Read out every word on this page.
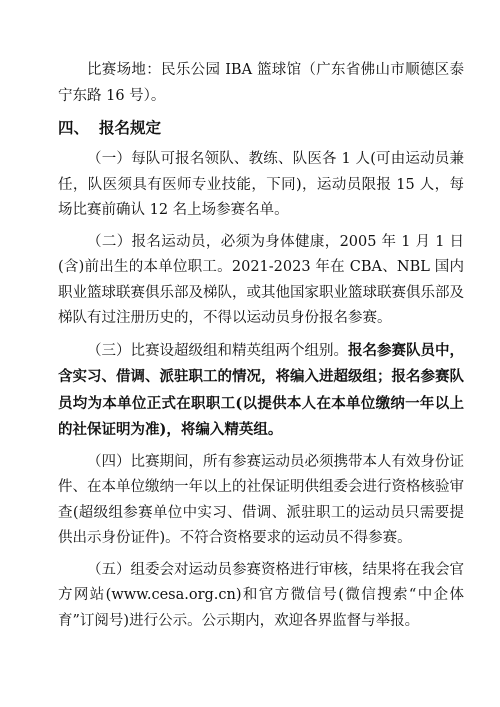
比赛场地：民乐公园 IBA 篮球馆（广东省佛山市顺德区泰宁东路 16 号）。

四、 报名规定

（一）每队可报名领队、教练、队医各 1 人(可由运动员兼任，队医须具有医师专业技能，下同)，运动员限报 15 人，每场比赛前确认 12 名上场参赛名单。

（二）报名运动员，必须为身体健康，2005 年 1 月 1 日(含)前出生的本单位职工。2021-2023 年在 CBA、NBL 国内职业篮球联赛俱乐部及梯队，或其他国家职业篮球联赛俱乐部及梯队有过注册历史的，不得以运动员身份报名参赛。

（三）比赛设超级组和精英组两个组别。报名参赛队员中，含实习、借调、派驻职工的情况，将编入进超级组；报名参赛队员均为本单位正式在职职工(以提供本人在本单位缴纳一年以上的社保证明为准)，将编入精英组。

（四）比赛期间，所有参赛运动员必须携带本人有效身份证件、在本单位缴纳一年以上的社保证明供组委会进行资格核验审查(超级组参赛单位中实习、借调、派驻职工的运动员只需要提供出示身份证件)。不符合资格要求的运动员不得参赛。

（五）组委会对运动员参赛资格进行审核，结果将在我会官方网站(www.cesa.org.cn)和官方微信号(微信搜索“中企体育”订阅号)进行公示。公示期内，欢迎各界监督与举报。
